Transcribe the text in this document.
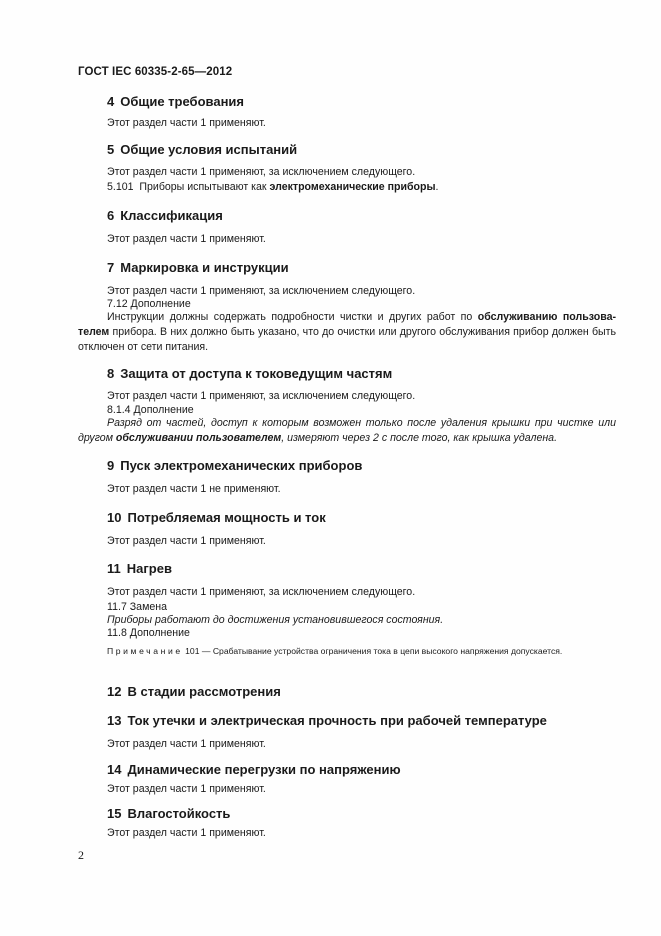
ГОСТ IEC 60335-2-65—2012
4 Общие требования
Этот раздел части 1 применяют.
5 Общие условия испытаний
Этот раздел части 1 применяют, за исключением следующего.
5.101  Приборы испытывают как электромеханические приборы.
6 Классификация
Этот раздел части 1 применяют.
7 Маркировка и инструкции
Этот раздел части 1 применяют, за исключением следующего.
7.12 Дополнение
Инструкции должны содержать подробности чистки и других работ по обслуживанию пользова-телем прибора. В них должно быть указано, что до очистки или другого обслуживания прибор должен быть отключен от сети питания.
8 Защита от доступа к токоведущим частям
Этот раздел части 1 применяют, за исключением следующего.
8.1.4 Дополнение
Разряд от частей, доступ к которым возможен только после удаления крышки при чистке или другом обслуживании пользователем, измеряют через 2 с после того, как крышка удалена.
9 Пуск электромеханических приборов
Этот раздел части 1 не применяют.
10 Потребляемая мощность и ток
Этот раздел части 1 применяют.
11 Нагрев
Этот раздел части 1 применяют, за исключением следующего.
11.7 Замена
Приборы работают до достижения установившегося состояния.
11.8 Дополнение
Примечание 101 — Срабатывание устройства ограничения тока в цепи высокого напряжения допускается.
12 В стадии рассмотрения
13 Ток утечки и электрическая прочность при рабочей температуре
Этот раздел части 1 применяют.
14 Динамические перегрузки по напряжению
Этот раздел части 1 применяют.
15 Влагостойкость
Этот раздел части 1 применяют.
2
